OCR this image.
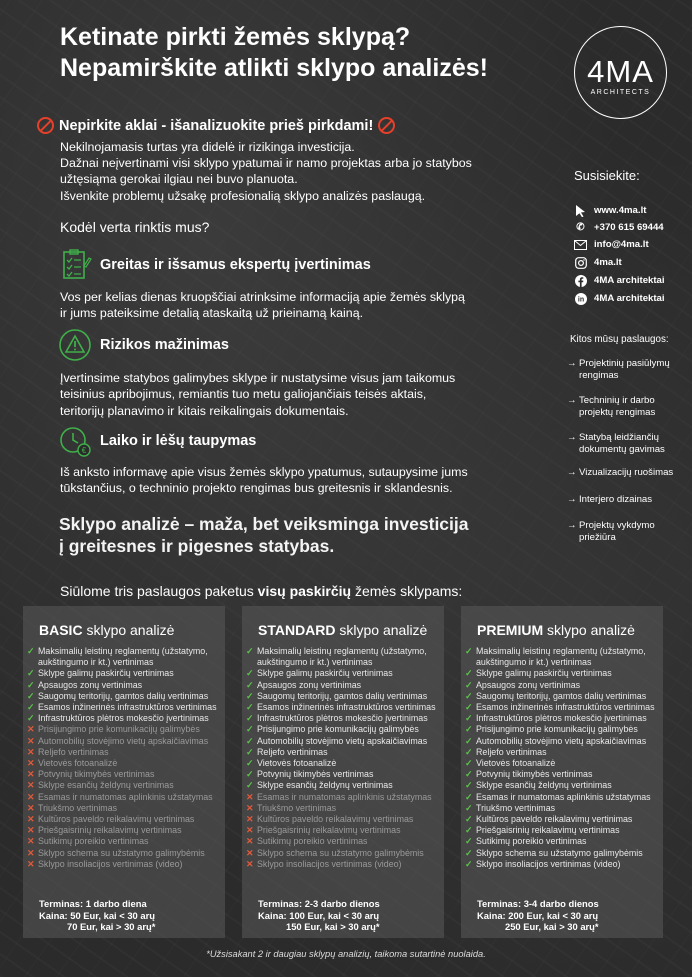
Ketinate pirkti žemės sklypą?
Nepamirškite atlikti sklypo analizės!	4MA
ARCHITECTS
Nepirkite aklai - išanalizuokite prieš pirkdami!
Nekilnojamasis turtas yra didelė ir rizikinga investicija.
Dažnai neįvertinami visi sklypo ypatumai ir namo projektas arba jo statybos užtęsiąma gerokai ilgiau nei buvo planuota.
Išvenkite problemų užsakę profesionalią sklypo analizės paslaugą.
Kodėl verta rinktis mus?
Greitas ir išsamus ekspertų įvertinimas
Vos per kelias dienas kruopščiai atrinksime informaciją apie žemės sklypą ir jums pateiksime detalią ataskaitą už prieinamą kainą.
Rizikos mažinimas
Įvertinsime statybos galimybes sklype ir nustatysime visus jam taikomus teisinius apribojimus, remiantis tuo metu galiojančiais teisės aktais, teritorijų planavimo ir kitais reikalingais dokumentais.
€
Laiko ir lėšų taupymas
Iš anksto informavę apie visus žemės sklypo ypatumus, sutaupysime jums tūkstančius, o techninio projekto rengimas bus greitesnis ir sklandesnis.
Sklypo analizė – maža, bet veiksminga investicija
į greitesnes ir pigesnes statybas.
Susisiekite:
www.4ma.lt
✆ +370 615 69444
info@4ma.lt
4ma.lt
4MA architektai
in 4MA architektai
Kitos mūsų paslaugos:
→ Projektinių pasiūlymų
rengimas
→ Techninių ir darbo
projektų rengimas
→ Statybą leidžiančių
dokumentų gavimas
→ Vizualizacijų ruošimas
→ Interjero dizainas
→ Projektų vykdymo
priežiūra
Siūlome tris paslaugos paketus visų paskirčių žemės sklypams:
BASIC sklypo analizė
✓ Maksimalių leistinų reglamentų (užstatymo, aukštingumo ir kt.) vertinimas
✓ Sklype galimų paskirčių vertinimas
✓ Apsaugos zonų vertinimas
✓ Saugomų teritorijų, gamtos dalių vertinimas
✓ Esamos inžinerinės infrastruktūros vertinimas
✓ Infrastruktūros plėtros mokesčio įvertinimas
✕ Prisijungimo prie komunikacijų galimybės
✕ Automobilių stovėjimo vietų apskaičiavimas
✕ Reljefo vertinimas
✕ Vietovės fotoanalizė
✕ Potvynių tikimybės vertinimas
✕ Sklype esančių želdynų vertinimas
✕ Esamas ir numatomas aplinkinis užstatymas
✕ Triukšmo vertinimas
✕ Kultūros paveldo reikalavimų vertinimas
✕ Priešgaisrinių reikalavimų vertinimas
✕ Sutikimų poreikio vertinimas
✕ Sklypo schema su užstatymo galimybėmis
✕ Sklypo insoliacijos vertinimas (video)
Terminas: 1 darbo diena
Kaina: 50 Eur, kai < 30 arų
70 Eur, kai > 30 arų*
STANDARD sklypo analizė
✓ Maksimalių leistinų reglamentų (užstatymo, aukštingumo ir kt.) vertinimas
✓ Sklype galimų paskirčių vertinimas
✓ Apsaugos zonų vertinimas
✓ Saugomų teritorijų, gamtos dalių vertinimas
✓ Esamos inžinerinės infrastruktūros vertinimas
✓ Infrastruktūros plėtros mokesčio įvertinimas
✓ Prisijungimo prie komunikacijų galimybės
✓ Automobilių stovėjimo vietų apskaičiavimas
✓ Reljefo vertinimas
✓ Vietovės fotoanalizė
✓ Potvynių tikimybės vertinimas
✓ Sklype esančių želdynų vertinimas
✕ Esamas ir numatomas aplinkinis užstatymas
✕ Triukšmo vertinimas
✕ Kultūros paveldo reikalavimų vertinimas
✕ Priešgaisrinių reikalavimų vertinimas
✕ Sutikimų poreikio vertinimas
✕ Sklypo schema su užstatymo galimybėmis
✕ Sklypo insoliacijos vertinimas (video)
Terminas: 2-3 darbo dienos
Kaina: 100 Eur, kai < 30 arų
150 Eur, kai > 30 arų*
PREMIUM sklypo analizė
✓ Maksimalių leistinų reglamentų (užstatymo, aukštingumo ir kt.) vertinimas
✓ Sklype galimų paskirčių vertinimas
✓ Apsaugos zonų vertinimas
✓ Saugomų teritorijų, gamtos dalių vertinimas
✓ Esamos inžinerinės infrastruktūros vertinimas
✓ Infrastruktūros plėtros mokesčio įvertinimas
✓ Prisijungimo prie komunikacijų galimybės
✓ Automobilių stovėjimo vietų apskaičiavimas
✓ Reljefo vertinimas
✓ Vietovės fotoanalizė
✓ Potvynių tikimybės vertinimas
✓ Sklype esančių želdynų vertinimas
✓ Esamas ir numatomas aplinkinis užstatymas
✓ Triukšmo vertinimas
✓ Kultūros paveldo reikalavimų vertinimas
✓ Priešgaisrinių reikalavimų vertinimas
✓ Sutikimų poreikio vertinimas
✓ Sklypo schema su užstatymo galimybėmis
✓ Sklypo insoliacijos vertinimas (video)
Terminas: 3-4 darbo dienos
Kaina: 200 Eur, kai < 30 arų
250 Eur, kai > 30 arų*
*Užsisakant 2 ir daugiau sklypų analizių, taikoma sutartinė nuolaida.
